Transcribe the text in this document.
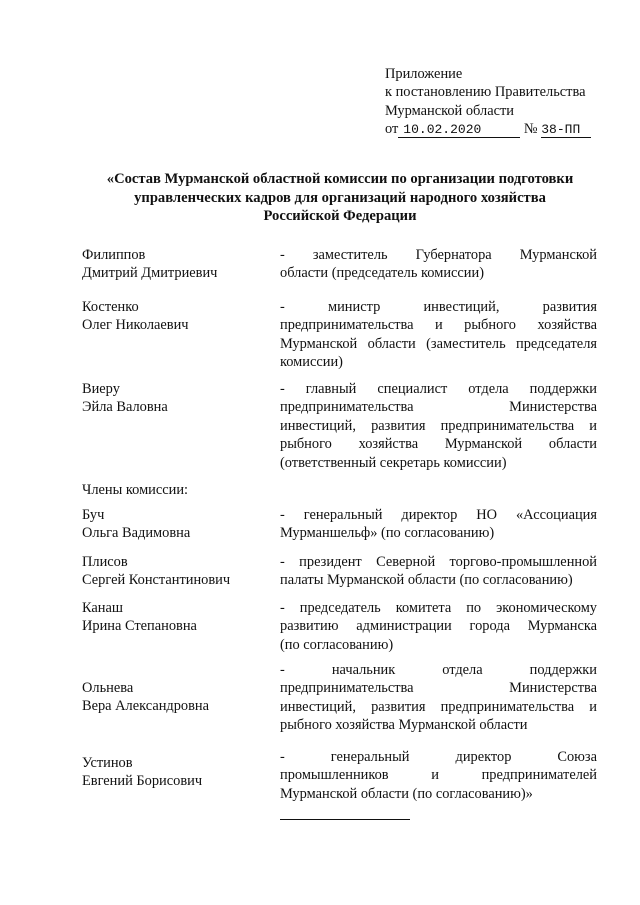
Приложение
к постановлению Правительства
Мурманской области
от 10.02.2020	№ 38-ПП
«Состав Мурманской областной комиссии по организации подготовки
управленческих кадров для организаций народного хозяйства
Российской Федерации
Филиппов
Дмитрий Дмитриевич
- заместитель Губернатора Мурманской
области (председатель комиссии)
Костенко
Олег Николаевич
- министр инвестиций, развития
предпринимательства и рыбного хозяйства
Мурманской области (заместитель председателя
комиссии)
Виеру
Эйла Валовна
- главный специалист отдела поддержки
предпринимательства Министерства
инвестиций, развития предпринимательства и
рыбного хозяйства Мурманской области
(ответственный секретарь комиссии)
Члены комиссии:
Буч
Ольга Вадимовна
- генеральный директор НО «Ассоциация
Мурманшельф» (по согласованию)
Плисов
Сергей Константинович
- президент Северной торгово-промышленной
палаты Мурманской области (по согласованию)
Канаш
Ирина Степановна
- председатель комитета по экономическому
развитию администрации города Мурманска
(по согласованию)
Ольнева
Вера Александровна
- начальник отдела поддержки
предпринимательства Министерства
инвестиций, развития предпринимательства и
рыбного хозяйства Мурманской области
Устинов
Евгений Борисович
- генеральный директор Союза
промышленников и предпринимателей
Мурманской области (по согласованию)»
